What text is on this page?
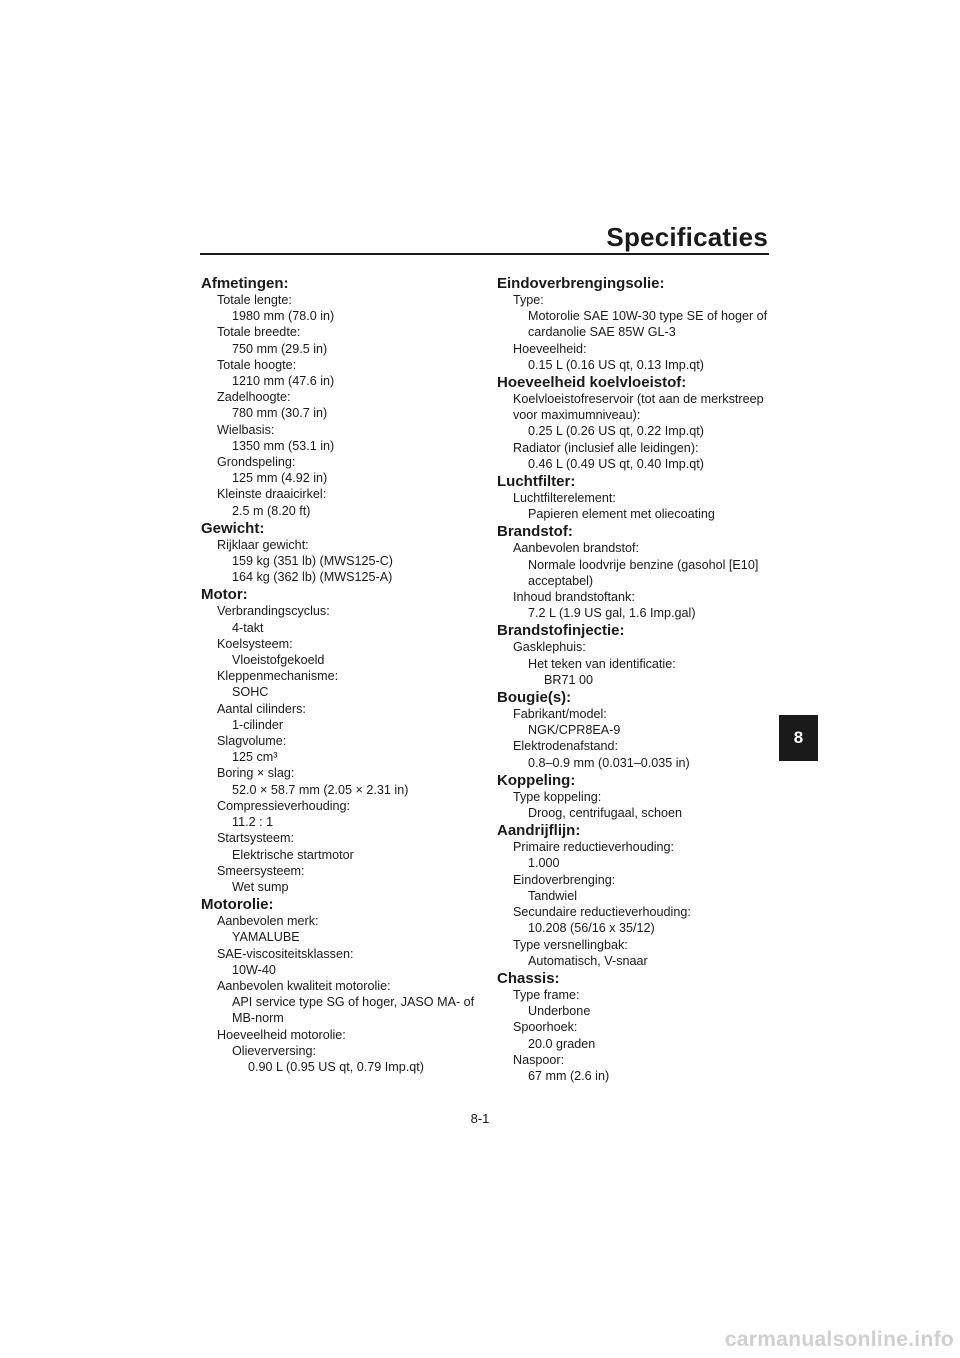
Specificaties
8
Afmetingen:
Totale lengte:
1980 mm (78.0 in)
Totale breedte:
750 mm (29.5 in)
Totale hoogte:
1210 mm (47.6 in)
Zadelhoogte:
780 mm (30.7 in)
Wielbasis:
1350 mm (53.1 in)
Grondspeling:
125 mm (4.92 in)
Kleinste draaicirkel:
2.5 m (8.20 ft)
Gewicht:
Rijklaar gewicht:
159 kg (351 lb) (MWS125-C)
164 kg (362 lb) (MWS125-A)
Motor:
Verbrandingscyclus:
4-takt
Koelsysteem:
Vloeistofgekoeld
Kleppenmechanisme:
SOHC
Aantal cilinders:
1-cilinder
Slagvolume:
125 cm³
Boring × slag:
52.0 × 58.7 mm (2.05 × 2.31 in)
Compressieverhouding:
11.2 : 1
Startsysteem:
Elektrische startmotor
Smeersysteem:
Wet sump
Motorolie:
Aanbevolen merk:
YAMALUBE
SAE-viscositeitsklassen:
10W-40
Aanbevolen kwaliteit motorolie:
API service type SG of hoger, JASO MA- of MB-norm
Hoeveelheid motorolie:
Olieverversing:
0.90 L (0.95 US qt, 0.79 Imp.qt)
Eindoverbrengingsolie:
Type:
Motorolie SAE 10W-30 type SE of hoger of cardanolie SAE 85W GL-3
Hoeveelheid:
0.15 L (0.16 US qt, 0.13 Imp.qt)
Hoeveelheid koelvloeistof:
Koelvloeistofreservoir (tot aan de merkstreep voor maximumniveau):
0.25 L (0.26 US qt, 0.22 Imp.qt)
Radiator (inclusief alle leidingen):
0.46 L (0.49 US qt, 0.40 Imp.qt)
Luchtfilter:
Luchtfilterelement:
Papieren element met oliecoating
Brandstof:
Aanbevolen brandstof:
Normale loodvrije benzine (gasohol [E10] acceptabel)
Inhoud brandstoftank:
7.2 L (1.9 US gal, 1.6 Imp.gal)
Brandstofinjectie:
Gasklephuis:
Het teken van identificatie:
BR71 00
Bougie(s):
Fabrikant/model:
NGK/CPR8EA-9
Elektrodenafstand:
0.8–0.9 mm (0.031–0.035 in)
Koppeling:
Type koppeling:
Droog, centrifugaal, schoen
Aandrijflijn:
Primaire reductieverhouding:
1.000
Eindoverbrenging:
Tandwiel
Secundaire reductieverhouding:
10.208 (56/16 x 35/12)
Type versnellingbak:
Automatisch, V-snaar
Chassis:
Type frame:
Underbone
Spoorhoek:
20.0 graden
Naspoor:
67 mm (2.6 in)
8-1
carmanualsonline.info
